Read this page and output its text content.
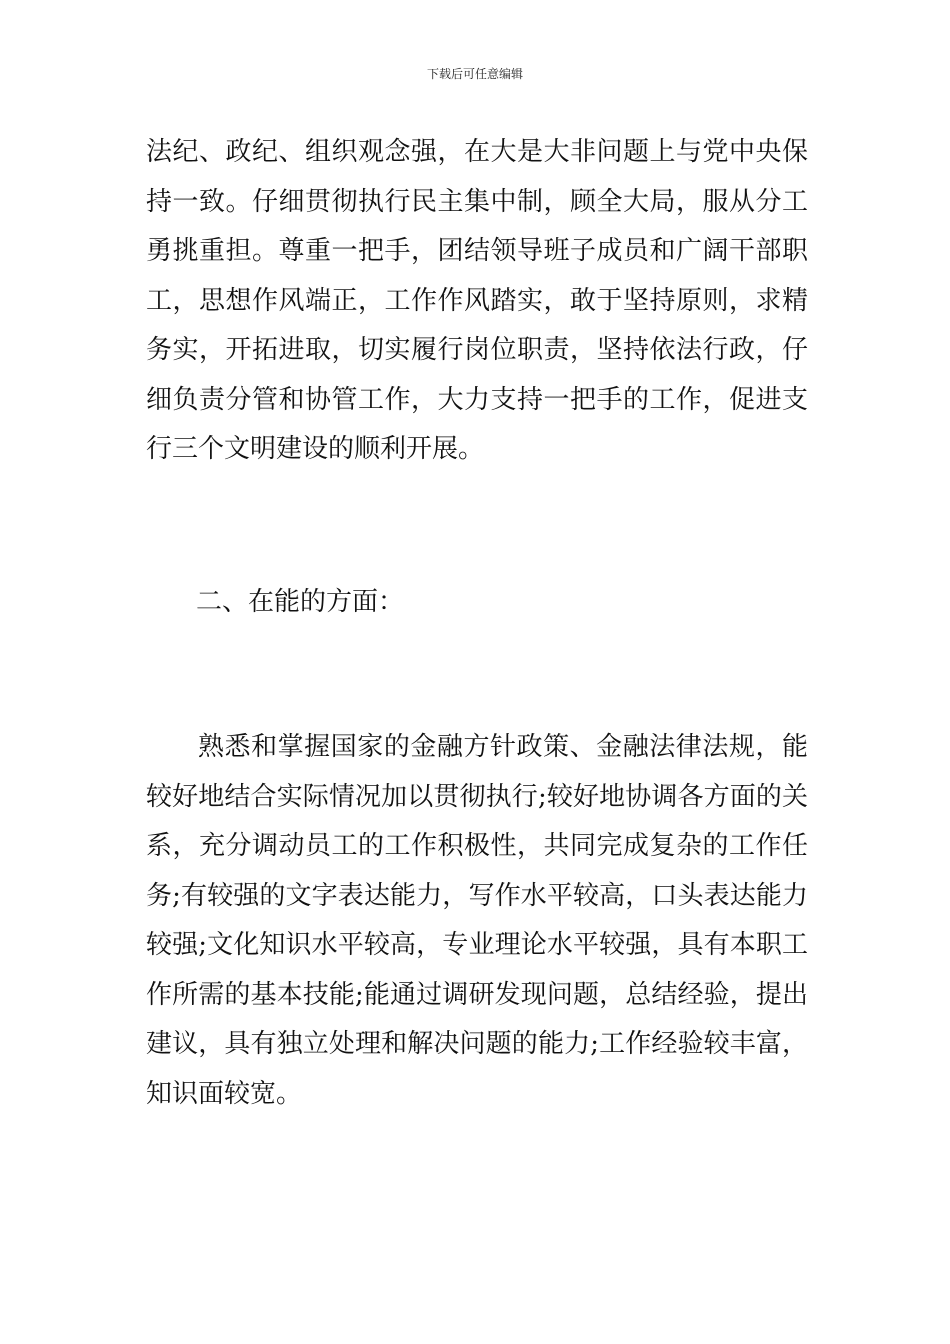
下载后可任意编辑
法纪、政纪、组织观念强，在大是大非问题上与党中央保持一致。仔细贯彻执行民主集中制，顾全大局，服从分工勇挑重担。尊重一把手，团结领导班子成员和广阔干部职工，思想作风端正，工作作风踏实，敢于坚持原则，求精务实，开拓进取，切实履行岗位职责，坚持依法行政，仔细负责分管和协管工作，大力支持一把手的工作，促进支行三个文明建设的顺利开展。
二、在能的方面：
熟悉和掌握国家的金融方针政策、金融法律法规，能较好地结合实际情况加以贯彻执行;较好地协调各方面的关系，充分调动员工的工作积极性，共同完成复杂的工作任务;有较强的文字表达能力，写作水平较高，口头表达能力较强;文化知识水平较高，专业理论水平较强，具有本职工作所需的基本技能;能通过调研发现问题，总结经验，提出建议，具有独立处理和解决问题的能力;工作经验较丰富，知识面较宽。
